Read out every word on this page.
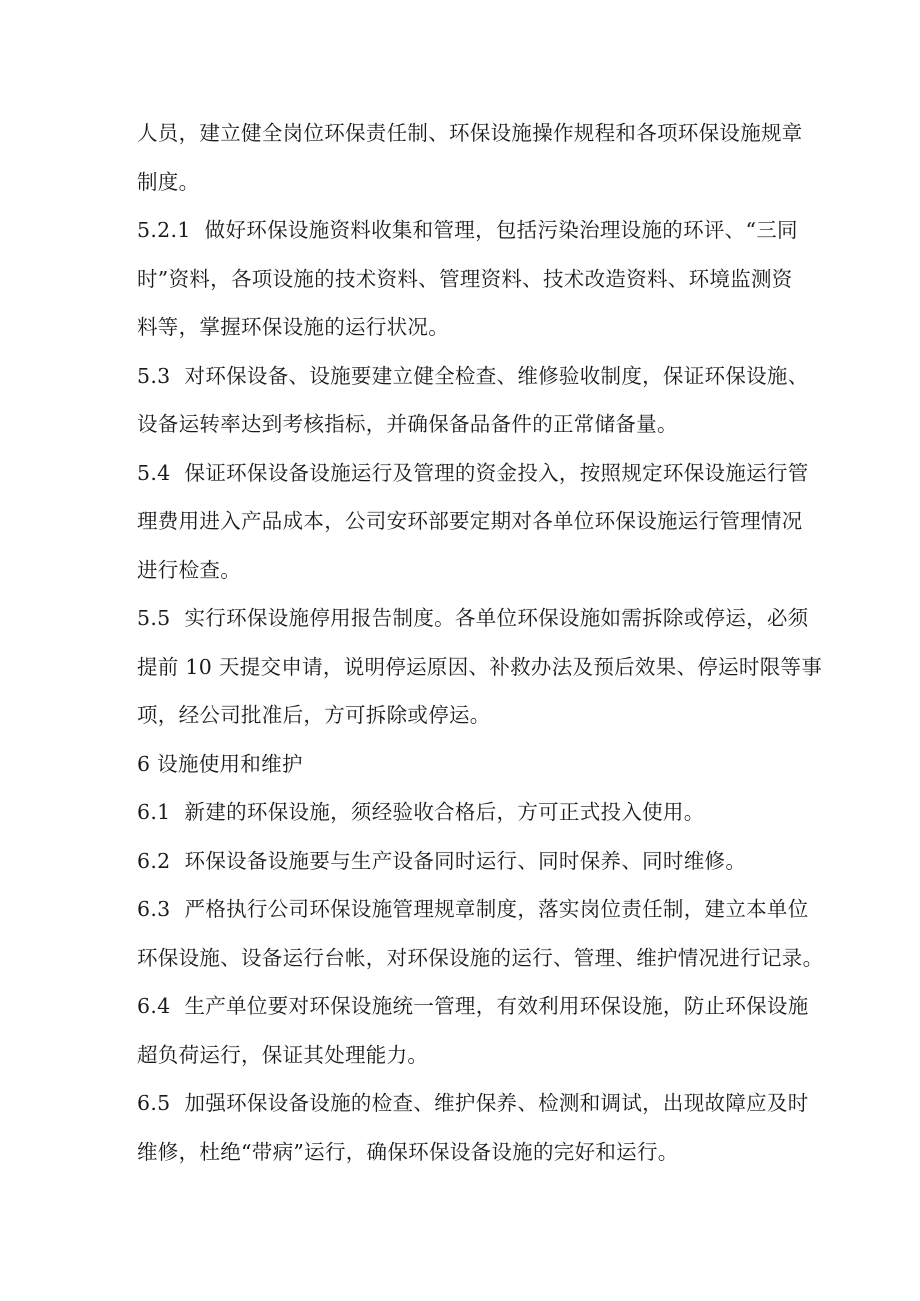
人员，建立健全岗位环保责任制、环保设施操作规程和各项环保设施规章
制度。
5.2.1 做好环保设施资料收集和管理，包括污染治理设施的环评、“三同
时”资料，各项设施的技术资料、管理资料、技术改造资料、环境监测资
料等，掌握环保设施的运行状况。
5.3 对环保设备、设施要建立健全检查、维修验收制度，保证环保设施、
设备运转率达到考核指标，并确保备品备件的正常储备量。
5.4 保证环保设备设施运行及管理的资金投入，按照规定环保设施运行管
理费用进入产品成本，公司安环部要定期对各单位环保设施运行管理情况
进行检查。
5.5 实行环保设施停用报告制度。各单位环保设施如需拆除或停运，必须
提前 10 天提交申请，说明停运原因、补救办法及预后效果、停运时限等事
项，经公司批准后，方可拆除或停运。
6 设施使用和维护
6.1 新建的环保设施，须经验收合格后，方可正式投入使用。
6.2 环保设备设施要与生产设备同时运行、同时保养、同时维修。
6.3 严格执行公司环保设施管理规章制度，落实岗位责任制，建立本单位
环保设施、设备运行台帐，对环保设施的运行、管理、维护情况进行记录。
6.4 生产单位要对环保设施统一管理，有效利用环保设施，防止环保设施
超负荷运行，保证其处理能力。
6.5 加强环保设备设施的检查、维护保养、检测和调试，出现故障应及时
维修，杜绝“带病”运行，确保环保设备设施的完好和运行。
